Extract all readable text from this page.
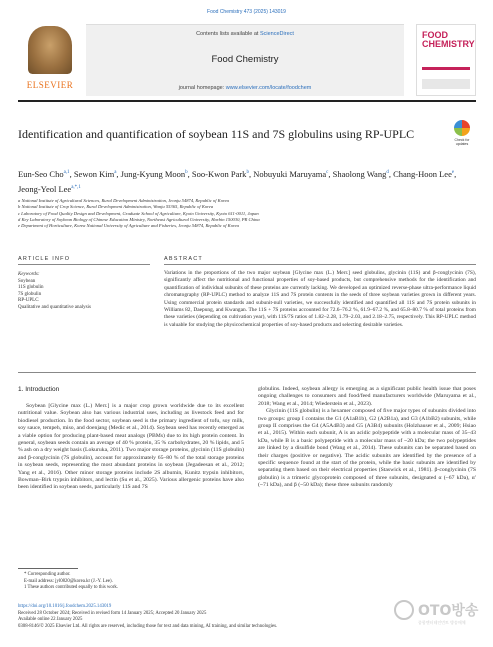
Food Chemistry 473 (2025) 143019
ELSEVIER
Contents lists available at ScienceDirect
Food Chemistry
journal homepage: www.elsevier.com/locate/foodchem
FOOD CHEMISTRY
Identification and quantification of soybean 11S and 7S globulins using RP-UPLC	Check for updates
Eun-Seo Cho$^{a,1}$, Sewon Kim$^a$, Jung-Kyung Moon$^b$, Soo-Kwon Park$^b$, Nobuyuki Maruyama$^c$, Shaolong Wang$^d$, Chang-Hoon Lee$^e$, Jeong-Yeol Lee$^{a,*,1}$
a National Institute of Agricultural Sciences, Rural Development Administration, Jeonju 54874, Republic of Korea
b National Institute of Crop Science, Rural Development Administration, Wanju 55365, Republic of Korea
c Laboratory of Food Quality Design and Development, Graduate School of Agriculture, Kyoto University, Kyoto 611-0011, Japan
d Key Laboratory of Soybean Biology of Chinese Education Ministry, Northeast Agricultural University, Harbin 150030, PR China
e Department of Horticulture, Korea National University of Agriculture and Fisheries, Jeonju 54874, Republic of Korea
ARTICLE INFO	ABSTRACT
Keywords:
Soybean
11S globulin
7S globulin
RP-UPLC
Qualitative and quantitative analysis
Variations in the proportions of the two major soybean [Glycine max (L.) Merr.] seed globulins, glycinin (11S) and β-conglycinin (7S), significantly affect the nutritional and functional properties of soy-based products, but comprehensive methods for the identification and quantification of individual subunits of these proteins are currently lacking. We developed an optimized reverse-phase ultra-performance liquid chromatography (RP-UPLC) method to analyze 11S and 7S protein contents in the seeds of three soybean varieties grown in different years. Using commercial protein standards and subunit-null varieties, we successfully identified and quantified all 11S and 7S protein subunits in Williams 82, Daepung, and Kwangan. The 11S + 7S proteins accounted for 72.6–76.2 %, 61.9–67.2 %, and 65.8–80.7 % of total proteins from these varieties (depending on cultivation year), with 11S/7S ratios of 1.82–2.28, 1.79–2.03, and 2.18–2.75, respectively. This RP-UPLC method is valuable for studying the physicochemical properties of soy-based products and selecting desirable varieties.
1. Introduction

Soybean [Glycine max (L.) Merr.] is a major crop grown worldwide due to its excellent nutritional value. Soybean also has various industrial uses, including as livestock feed and for biodiesel production. In the food sector, soybean seed is the primary ingredient of tofu, soy milk, soy sauce, tempeh, miso, and doenjang (Medic et al., 2014). Soybean seed has recently emerged as a viable option for producing plant-based meat analogs (PBMs) due to its high protein content. In general, soybean seeds contain an average of 40 % protein, 35 % carbohydrates, 20 % lipids, and 5 % ash on a dry weight basis (Lokuruka, 2011). Two major storage proteins, glycinin (11S globulin) and β-conglycinin (7S globulin), account for approximately 65–80 % of the total storage proteins in soybean seeds, representing the most abundant proteins in soybean (Jegadeesan et al., 2012; Yang et al., 2016). Other minor storage proteins include 2S albumin, Kunitz trypsin inhibitors, Bowman–Birk trypsin inhibitors, and lectin (Su et al., 2025). Various allergenic proteins have also been identified in soybean seeds, particularly 11S and 7S

globulins. Indeed, soybean allergy is emerging as a significant public health issue that poses ongoing challenges to consumers and food/feed manufacturers worldwide (Maruyama et al., 2018; Wang et al., 2014; Wiederstein et al., 2023).

Glycinin (11S globulin) is a hexamer composed of five major types of subunits divided into two groups: group I contains the G1 (A1aB1b), G2 (A2B1a), and G3 (A1bB2) subunits, while group II comprises the G4 (A5A4B3) and G5 (A3B4) subunits (Holzhauser et al., 2009; Hsiao et al., 2015). Within each subunit, A is an acidic polypeptide with a molecular mass of 35–43 kDa, while B is a basic polypeptide with a molecular mass of ~20 kDa; the two polypeptides are linked by a disulfide bond (Wang et al., 2014). These subunits can be separated based on their charges (positive or negative). The acidic subunits are identified by the presence of a specific sequence found at the start of the protein, while the basic subunits are identified by separating them based on their electrical properties (Staswick et al., 1981). β-conglycinin (7S globulin) is a trimeric glycoprotein composed of three subunits, designated α (~67 kDa), α′ (~71 kDa), and β (~50 kDa); these three subunits randomly

* Corresponding author.
E-mail address: jyl0820@korea.kr (J.-Y. Lee).
1 These authors contributed equally to this work.
https://doi.org/10.1016/j.foodchem.2025.143019
Received 28 October 2024; Received in revised form 14 January 2025; Accepted 20 January 2025
Available online 22 January 2025
0308-8146/© 2025 Elsevier Ltd. All rights are reserved, including those for text and data mining, AI training, and similar technologies.
OTO방송
종합엔터테인먼트 방송매체
